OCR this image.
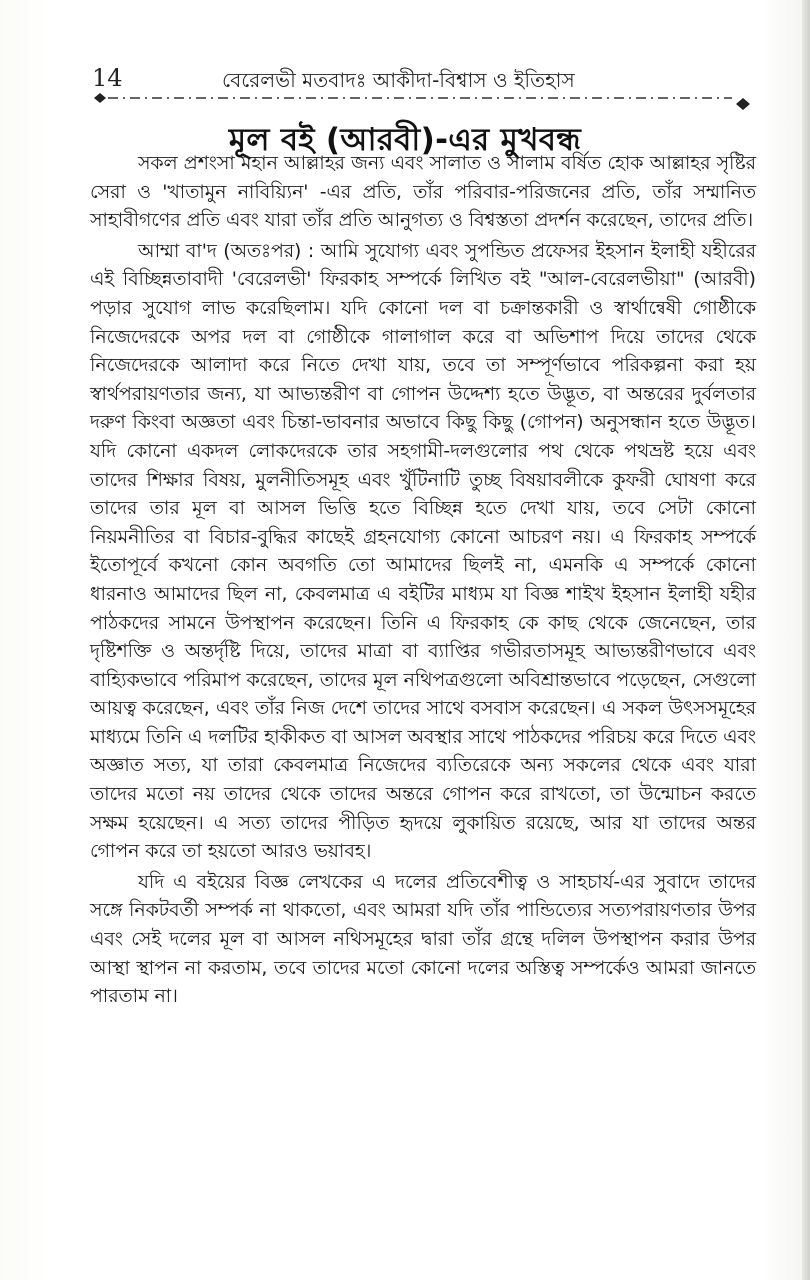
14	বেরেলভী মতবাদঃ আকীদা-বিশ্বাস ও ইতিহাস
মূল বই (আরবী)-এর মুখবন্ধ

সকল প্রশংসা মহান আল্লাহর জন্য এবং সালাত ও সালাম বর্ষিত হোক আল্লাহর সৃষ্টির সেরা ও 'খাতামুন নাবিয়্যিন' -এর প্রতি, তাঁর পরিবার-পরিজনের প্রতি, তাঁর সম্মানিত সাহাবীগণের প্রতি এবং যারা তাঁর প্রতি আনুগত্য ও বিশ্বস্ততা প্রদর্শন করেছেন, তাদের প্রতি।

আম্মা বা'দ (অতঃপর) : আমি সুযোগ্য এবং সুপন্ডিত প্রফেসর ইহসান ইলাহী যহীরের এই বিচ্ছিন্নতাবাদী 'বেরেলভী' ফিরকাহ সম্পর্কে লিখিত বই "আল-বেরেলভীয়া" (আরবী) পড়ার সুযোগ লাভ করেছিলাম। যদি কোনো দল বা চক্রান্তকারী ও স্বার্থান্বেষী গোষ্ঠীকে নিজেদেরকে অপর দল বা গোষ্ঠীকে গালাগাল করে বা অভিশাপ দিয়ে তাদের থেকে নিজেদেরকে আলাদা করে নিতে দেখা যায়, তবে তা সম্পূর্ণভাবে পরিকল্পনা করা হয় স্বার্থপরায়ণতার জন্য, যা আভ্যন্তরীণ বা গোপন উদ্দেশ্য হতে উদ্ভূত, বা অন্তরের দুর্বলতার দরুণ কিংবা অজ্ঞতা এবং চিন্তা-ভাবনার অভাবে কিছু কিছু (গোপন) অনুসন্ধান হতে উদ্ভূত। যদি কোনো একদল লোকদেরকে তার সহগামী-দলগুলোর পথ থেকে পথভ্রষ্ট হয়ে এবং তাদের শিক্ষার বিষয়, মুলনীতিসমূহ এবং খুঁটিনাটি তুচ্ছ বিষয়াবলীকে কুফরী ঘোষণা করে তাদের তার মূল বা আসল ভিত্তি হতে বিচ্ছিন্ন হতে দেখা যায়, তবে সেটা কোনো নিয়মনীতির বা বিচার-বুদ্ধির কাছেই গ্রহনযোগ্য কোনো আচরণ নয়। এ ফিরকাহ সম্পর্কে ইতোপূর্বে কখনো কোন অবগতি তো আমাদের ছিলই না, এমনকি এ সম্পর্কে কোনো ধারনাও আমাদের ছিল না, কেবলমাত্র এ বইটির মাধ্যম যা বিজ্ঞ শাইখ ইহসান ইলাহী যহীর পাঠকদের সামনে উপস্থাপন করেছেন। তিনি এ ফিরকাহ কে কাছ থেকে জেনেছেন, তার দৃষ্টিশক্তি ও অন্তর্দৃষ্টি দিয়ে, তাদের মাত্রা বা ব্যাপ্তির গভীরতাসমূহ আভ্যন্তরীণভাবে এবং বাহ্যিকভাবে পরিমাপ করেছেন, তাদের মূল নথিপত্রগুলো অবিশ্রান্তভাবে পড়েছেন, সেগুলো আয়ত্ব করেছেন, এবং তাঁর নিজ দেশে তাদের সাথে বসবাস করেছেন। এ সকল উৎসসমূহের মাধ্যমে তিনি এ দলটির হাকীকত বা আসল অবস্থার সাথে পাঠকদের পরিচয় করে দিতে এবং অজ্ঞাত সত্য, যা তারা কেবলমাত্র নিজেদের ব্যতিরেকে অন্য সকলের থেকে এবং যারা তাদের মতো নয় তাদের থেকে তাদের অন্তরে গোপন করে রাখতো, তা উন্মোচন করতে সক্ষম হয়েছেন। এ সত্য তাদের পীড়িত হৃদয়ে লুকায়িত রয়েছে, আর যা তাদের অন্তর গোপন করে তা হয়তো আরও ভয়াবহ।

যদি এ বইয়ের বিজ্ঞ লেখকের এ দলের প্রতিবেশীত্ব ও সাহচার্য-এর সুবাদে তাদের সঙ্গে নিকটবর্তী সম্পর্ক না থাকতো, এবং আমরা যদি তাঁর পান্ডিত্যের সত্যপরায়ণতার উপর এবং সেই দলের মূল বা আসল নথিসমূহের দ্বারা তাঁর গ্রন্থে দলিল উপস্থাপন করার উপর আস্থা স্থাপন না করতাম, তবে তাদের মতো কোনো দলের অস্তিত্ব সম্পর্কেও আমরা জানতে পারতাম না।
